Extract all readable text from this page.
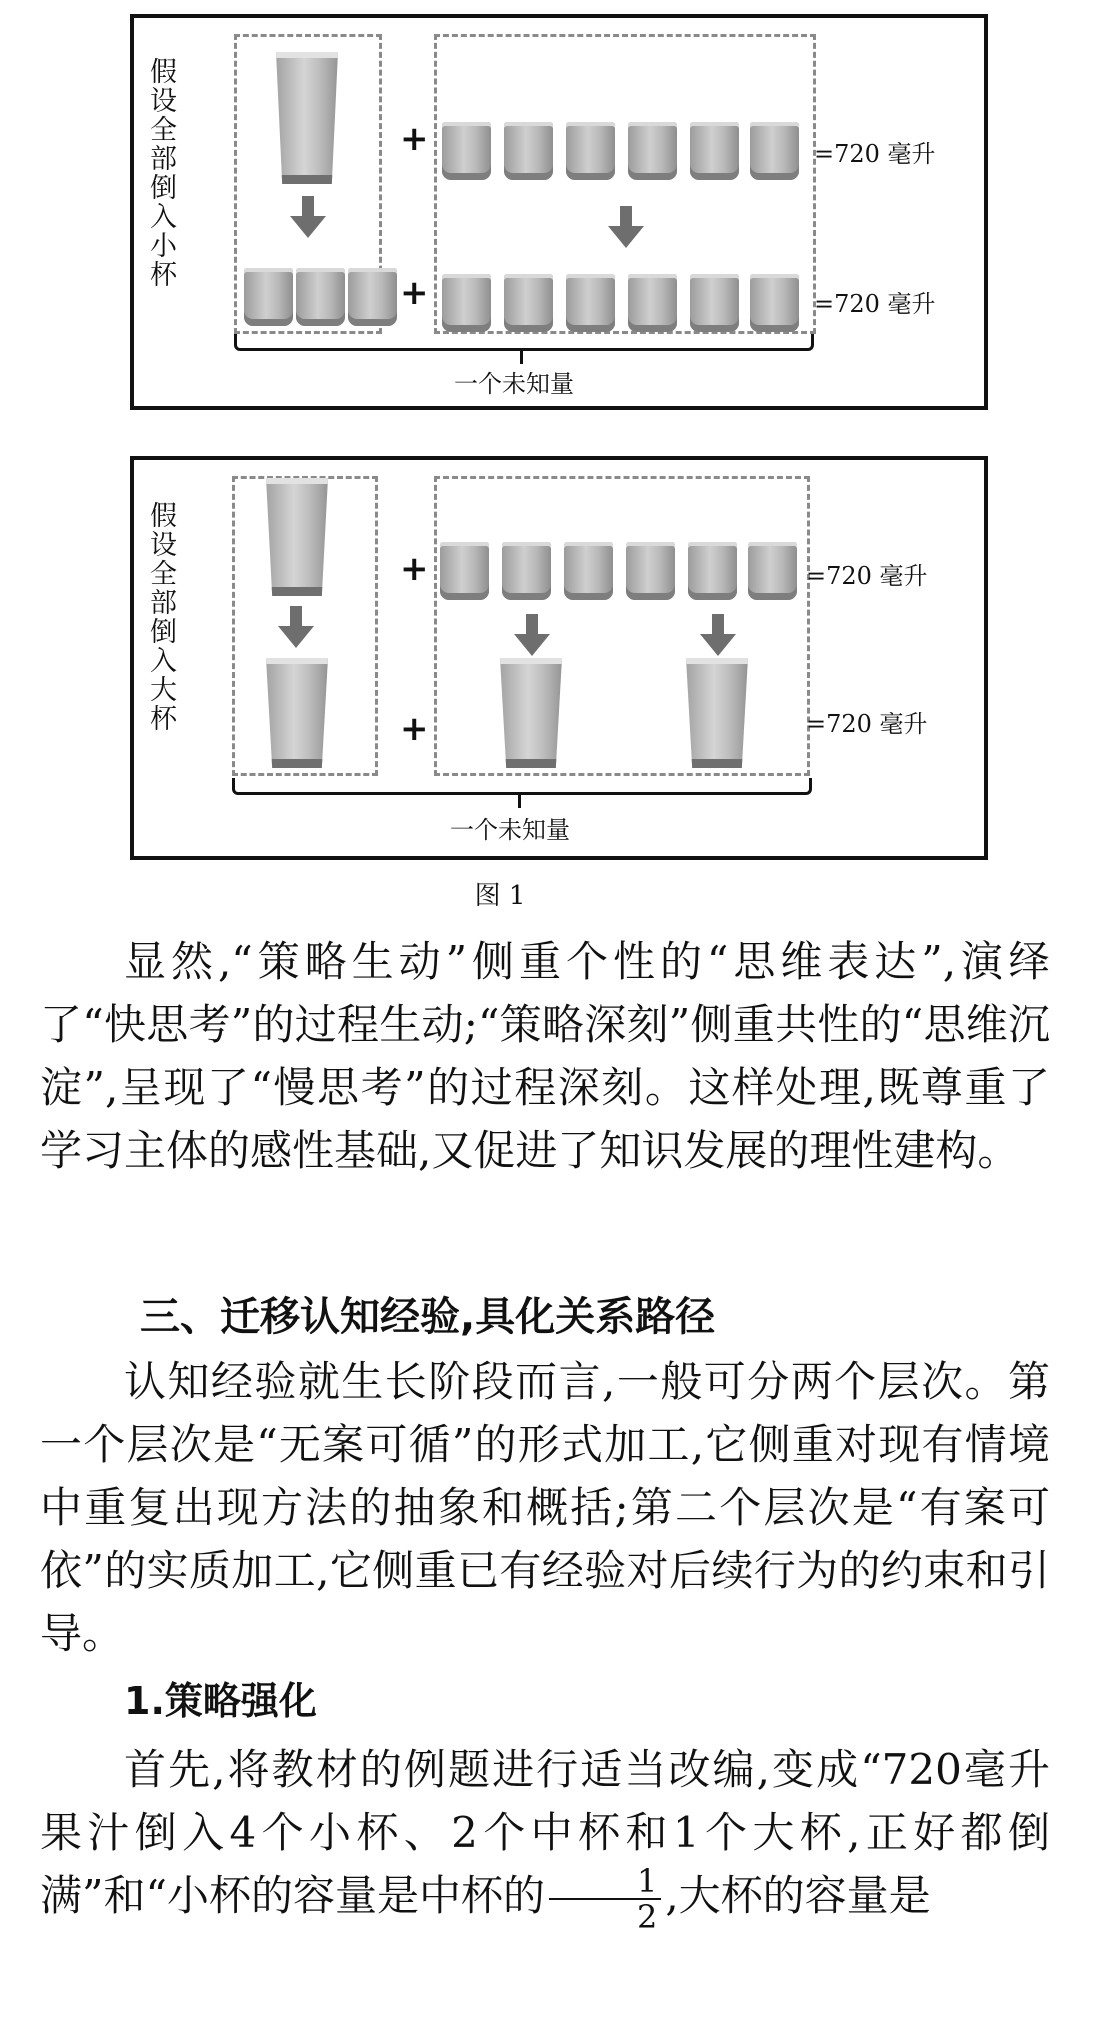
假
设
全
部
倒
入
小
杯
+
+
=720 毫升
=720 毫升
一个未知量
假
设
全
部
倒
入
大
杯
+
+
=720 毫升
=720 毫升
一个未知量
图 1
显然,“策略生动”侧重个性的“思维表达”,演绎了“快思考”的过程生动;“策略深刻”侧重共性的“思维沉淀”,呈现了“慢思考”的过程深刻。这样处理,既尊重了学习主体的感性基础,又促进了知识发展的理性建构。
三、迁移认知经验,具化关系路径
认知经验就生长阶段而言,一般可分两个层次。第一个层次是“无案可循”的形式加工,它侧重对现有情境中重复出现方法的抽象和概括;第二个层次是“有案可依”的实质加工,它侧重已有经验对后续行为的约束和引导。
1.策略强化
首先,将教材的例题进行适当改编,变成“720毫升果汁倒入4个小杯、2个中杯和1个大杯,正好都倒满”和“小杯的容量是中杯的 $\frac{1}{2}$ ,大杯的容量是
